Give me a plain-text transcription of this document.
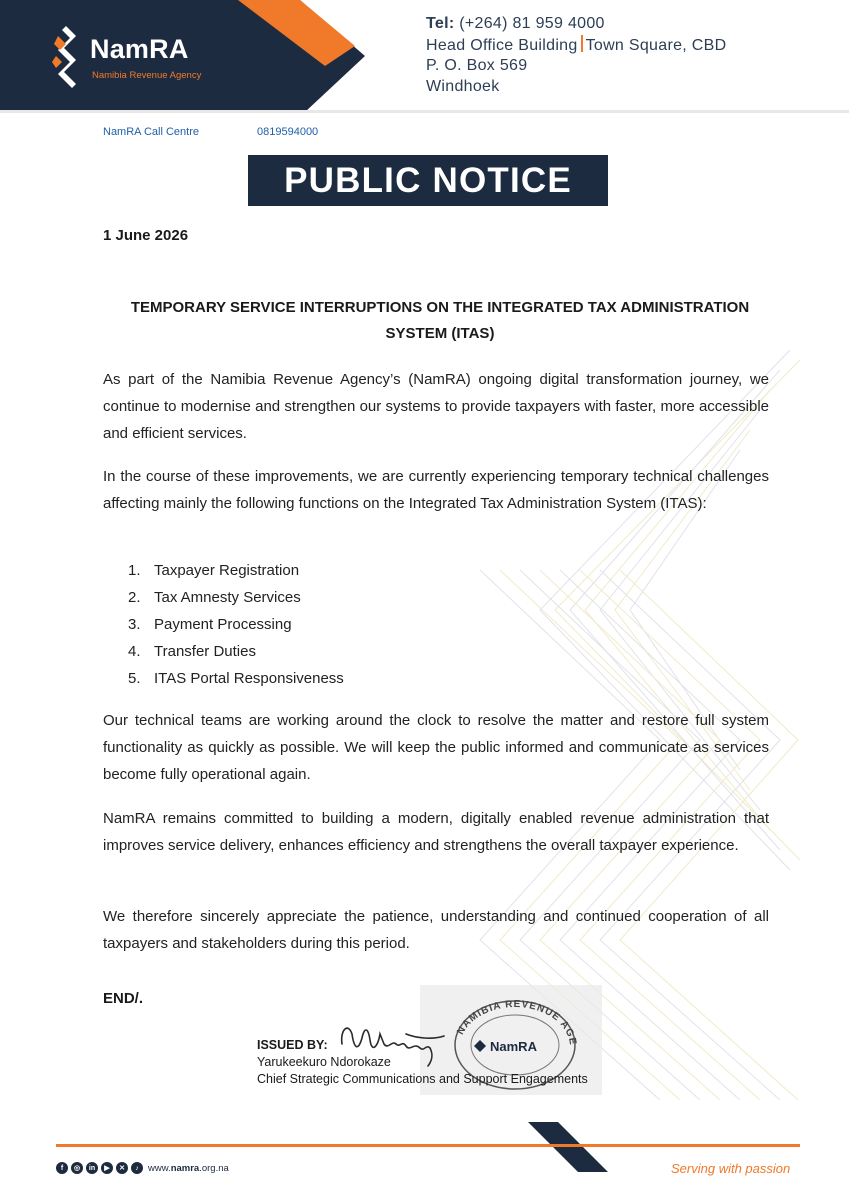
NamRA
Namibia Revenue Agency
Tel: (+264) 81 959 4000
Head Office Building Town Square, CBD
P. O. Box 569
Windhoek
NamRA Call Centre	0819594000
PUBLIC NOTICE
1 June 2026
TEMPORARY SERVICE INTERRUPTIONS ON THE INTEGRATED TAX ADMINISTRATION
SYSTEM (ITAS)

As part of the Namibia Revenue Agency’s (NamRA) ongoing digital transformation journey, we continue to modernise and strengthen our systems to provide taxpayers with faster, more accessible and efficient services.

In the course of these improvements, we are currently experiencing temporary technical challenges affecting mainly the following functions on the Integrated Tax Administration System (ITAS):

1. Taxpayer Registration
2. Tax Amnesty Services
3. Payment Processing
4. Transfer Duties
5. ITAS Portal Responsiveness

Our technical teams are working around the clock to resolve the matter and restore full system functionality as quickly as possible. We will keep the public informed and communicate as services become fully operational again.

NamRA remains committed to building a modern, digitally enabled revenue administration that improves service delivery, enhances efficiency and strengthens the overall taxpayer experience.

We therefore sincerely appreciate the patience, understanding and continued cooperation of all taxpayers and stakeholders during this period.

END/.
NAMIBIA REVENUE AGE
NamRA
ISSUED BY:
Yarukeekuro Ndorokaze
Chief Strategic Communications and Support Engagements
f	◎	in	▶	✕	♪ www.namra.org.na	Serving with passion
